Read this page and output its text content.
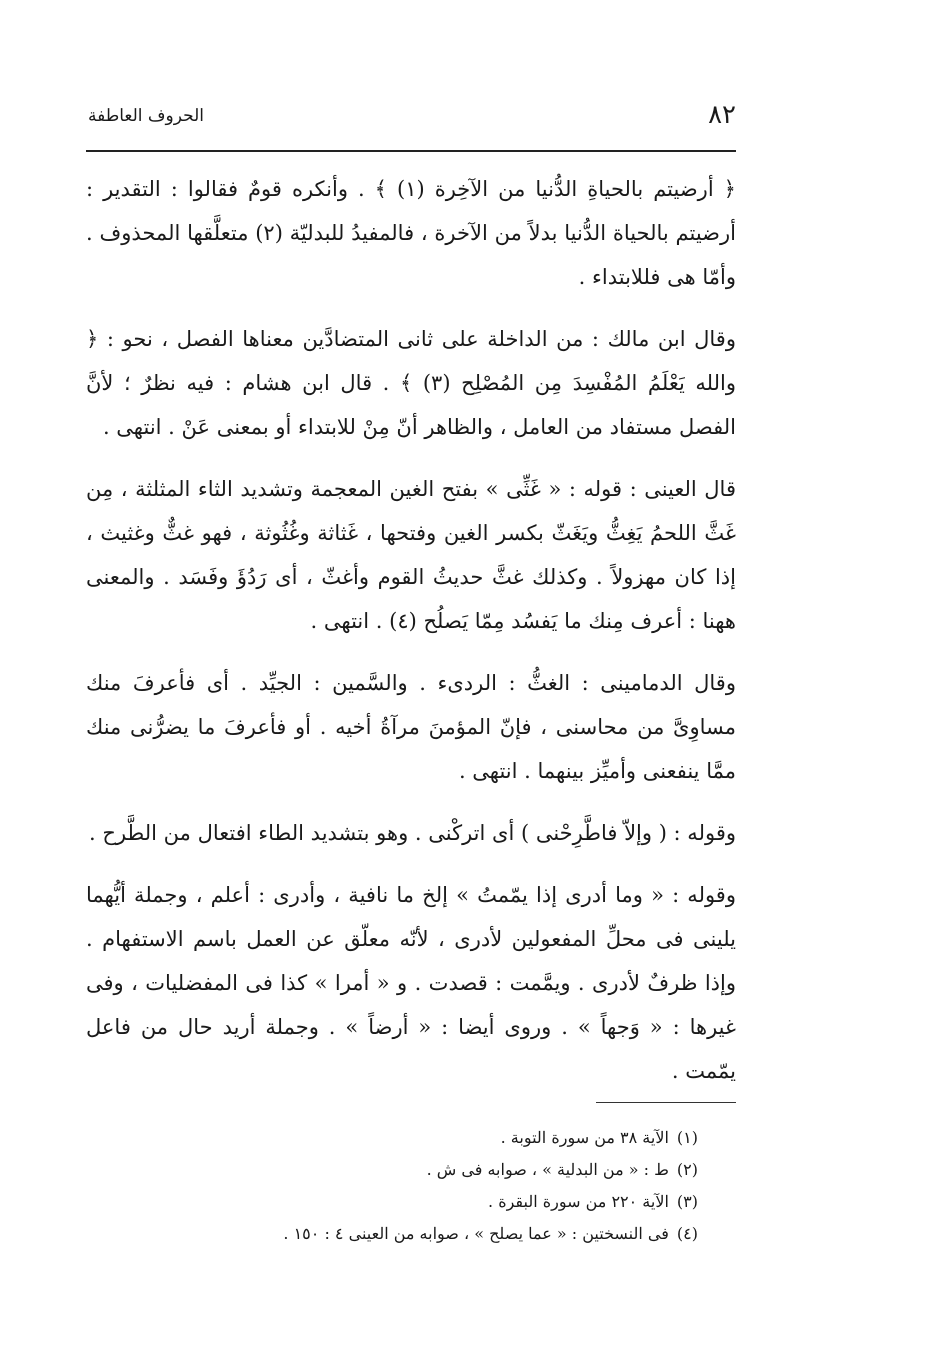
٨٢
الحروف العاطفة

﴿ أرضيتم بالحياةِ الدُّنيا من الآخِرة (١) ﴾ . وأنكره قومٌ فقالوا : التقدير : أرضيتم بالحياة الدُّنيا بدلاً من الآخرة ، فالمفيدُ للبدليّة (٢) متعلَّقها المحذوف . وأمّا هى فللابتداء .

وقال ابن مالك : من الداخلة على ثانى المتضادَّين معناها الفصل ، نحو : ﴿ والله يَعْلَمُ المُفْسِدَ مِن المُصْلِح (٣) ﴾ . قال ابن هشام : فيه نظرٌ ؛ لأنَّ الفصل مستفاد من العامل ، والظاهر أنّ مِنْ للابتداء أو بمعنى عَنْ . انتهى .

قال العينى : قوله : « غَثِّى » بفتح الغين المعجمة وتشديد الثاء المثلثة ، مِن غَثَّ اللحمُ يَغِثُّ ويَغَثّ بكسر الغين وفتحها ، غَثاثة وغُثُوثة ، فهو غثٌّ وغثيث ، إذا كان مهزولاً . وكذلك غثَّ حديثُ القوم وأغثّ ، أى رَدُؤَ وفَسَد . والمعنى ههنا : أعرف مِنك ما يَفسُد مِمّا يَصلُح (٤) . انتهى .

وقال الدمامينى : الغثُّ : الردىء . والسَّمين : الجيِّد . أى فأعرفَ منك مساوِىَّ من محاسنى ، فإنّ المؤمنَ مرآةُ أخيه . أو فأعرفَ ما يضرُّنى منك ممَّا ينفعنى وأميِّز بينهما . انتهى .

وقوله : ( وإلاّ فاطَّرِحْنى ) أى اتركْنى . وهو بتشديد الطاء افتعال من الطَّرح .

وقوله : « وما أدرى إذا يمّمتُ » إلخ ما نافية ، وأدرى : أعلم ، وجملة أيُّهما يلينى فى محلِّ المفعولين لأدرى ، لأنّه معلّق عن العمل باسم الاستفهام . وإذا ظرفٌ لأدرى . ويمَّمت : قصدت . و « أمرا » كذا فى المفضليات ، وفى غيرها : « وَجهاً » . وروى أيضا : « أرضاً » . وجملة أريد حال من فاعل يمّمت .

(١)
الآية ٣٨ من سورة التوبة .
(٢)
ط : « من البدلية » ، صوابه فى ش .
(٣)
الآية ٢٢٠ من سورة البقرة .
(٤)
فى النسختين : « عما يصلح » ، صوابه من العينى ٤ : ١٥٠ .
